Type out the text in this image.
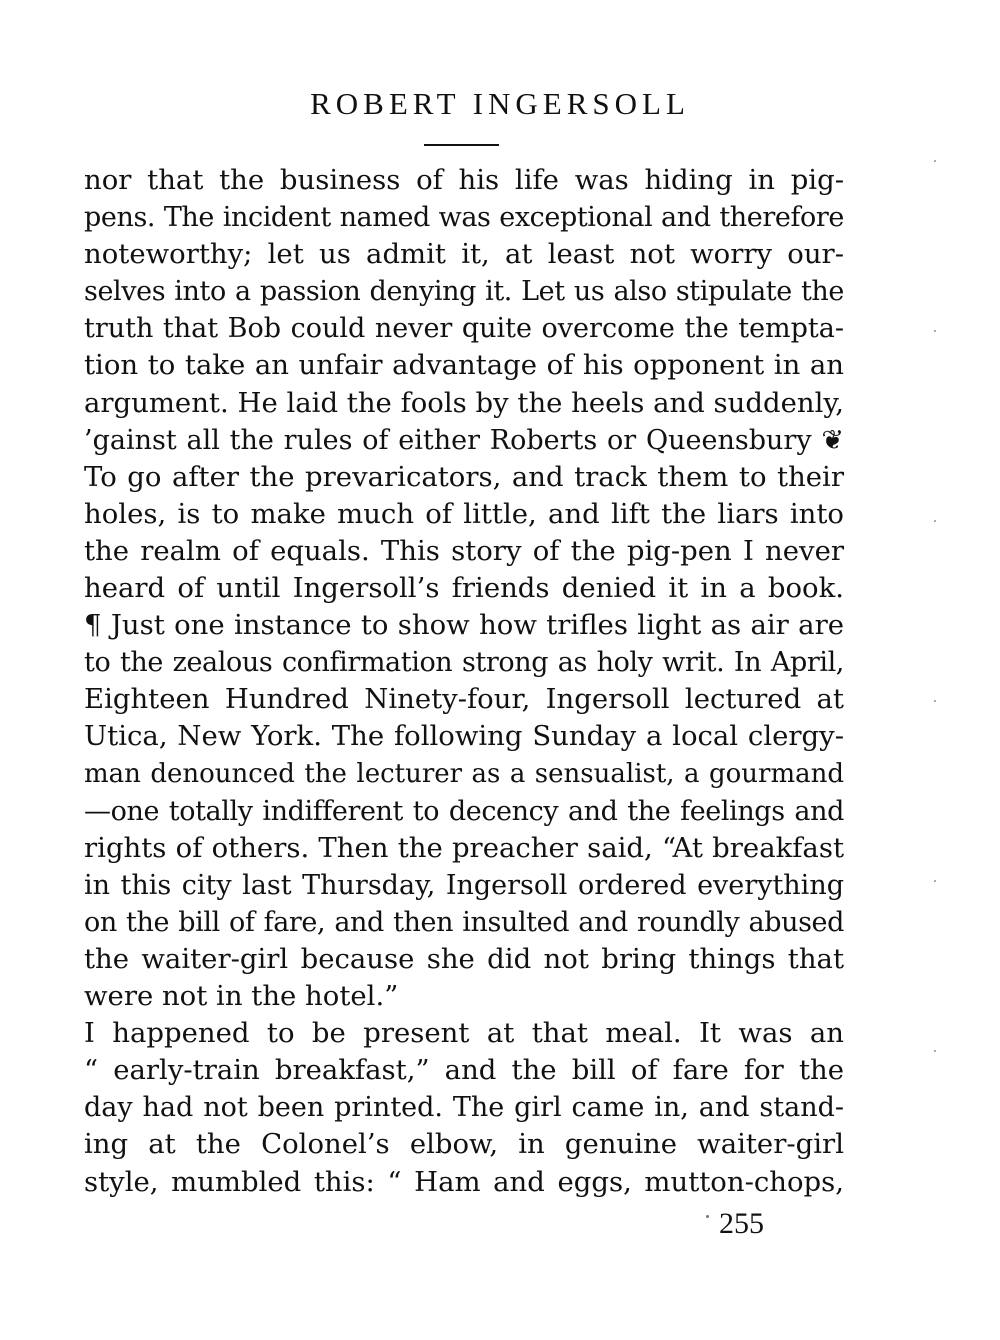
ROBERT INGERSOLL
nor that the business of his life was hiding in pig-
pens. The incident named was exceptional and therefore
noteworthy; let us admit it, at least not worry our-
selves into a passion denying it. Let us also stipulate the
truth that Bob could never quite overcome the tempta-
tion to take an unfair advantage of his opponent in an
argument. He laid the fools by the heels and suddenly,
’gainst all the rules of either Roberts or Queensbury ❦
To go after the prevaricators, and track them to their
holes, is to make much of little, and lift the liars into
the realm of equals. This story of the pig-pen I never
heard of until Ingersoll’s friends denied it in a book.
¶ Just one instance to show how trifles light as air are
to the zealous confirmation strong as holy writ. In April,
Eighteen Hundred Ninety-four, Ingersoll lectured at
Utica, New York. The following Sunday a local clergy-
man denounced the lecturer as a sensualist, a gourmand
—one totally indifferent to decency and the feelings and
rights of others. Then the preacher said, “At breakfast
in this city last Thursday, Ingersoll ordered everything
on the bill of fare, and then insulted and roundly abused
the waiter-girl because she did not bring things that
were not in the hotel.”
I happened to be present at that meal. It was an
“ early-train breakfast,” and the bill of fare for the
day had not been printed. The girl came in, and stand-
ing at the Colonel’s elbow, in genuine waiter-girl
style, mumbled this: “ Ham and eggs, mutton-chops,
255
